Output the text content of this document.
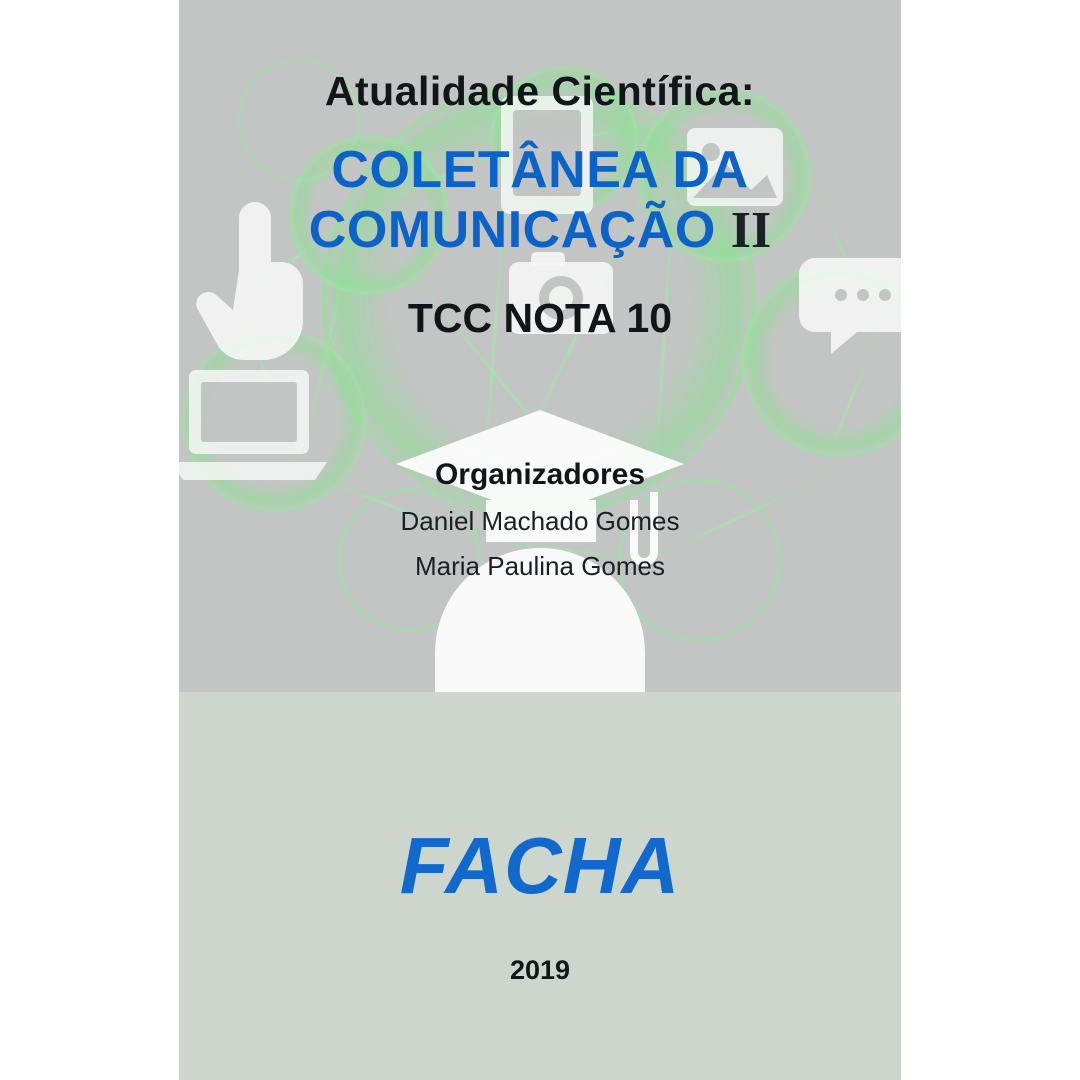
Atualidade Científica:
COLETÂNEA DA
COMUNICAÇÃO II
TCC NOTA 10
Organizadores
Daniel Machado Gomes
Maria Paulina Gomes
FACHA
2019
